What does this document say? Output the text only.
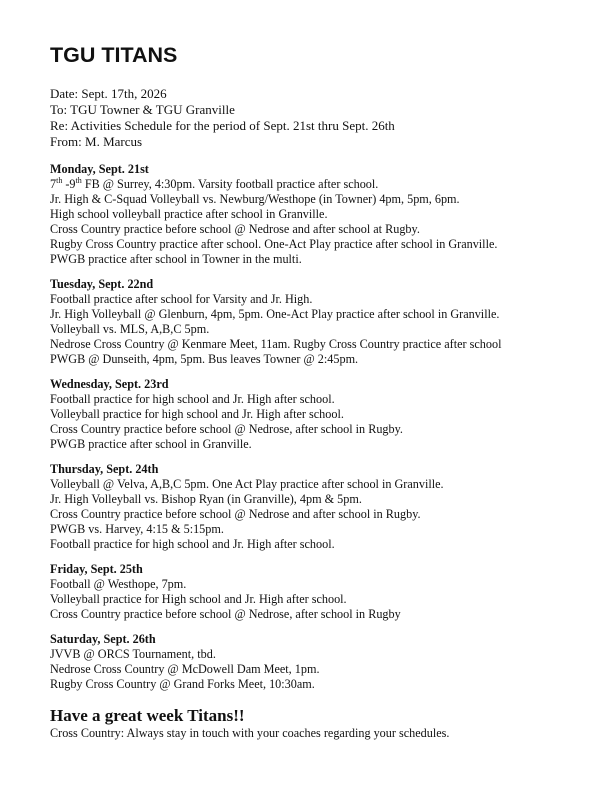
TGU TITANS
Date: Sept. 17th, 2026
To: TGU Towner & TGU Granville
Re: Activities Schedule for the period of Sept. 21st thru Sept. 26th
From: M. Marcus
Monday, Sept. 21st
7th -9th FB @ Surrey, 4:30pm. Varsity football practice after school.
Jr. High & C-Squad Volleyball vs. Newburg/Westhope (in Towner) 4pm, 5pm, 6pm.
High school volleyball practice after school in Granville.
Cross Country practice before school @ Nedrose and after school at Rugby.
Rugby Cross Country practice after school. One-Act Play practice after school in Granville.
PWGB practice after school in Towner in the multi.
Tuesday, Sept. 22nd
Football practice after school for Varsity and Jr. High.
Jr. High Volleyball @ Glenburn, 4pm, 5pm. One-Act Play practice after school in Granville.
Volleyball vs. MLS, A,B,C 5pm.
Nedrose Cross Country @ Kenmare Meet, 11am. Rugby Cross Country practice after school
PWGB @ Dunseith, 4pm, 5pm. Bus leaves Towner @ 2:45pm.
Wednesday, Sept. 23rd
Football practice for high school and Jr. High after school.
Volleyball practice for high school and Jr. High after school.
Cross Country practice before school @ Nedrose, after school in Rugby.
PWGB practice after school in Granville.
Thursday, Sept. 24th
Volleyball @ Velva, A,B,C 5pm. One Act Play practice after school in Granville.
Jr. High Volleyball vs. Bishop Ryan (in Granville), 4pm & 5pm.
Cross Country practice before school @ Nedrose and after school in Rugby.
PWGB vs. Harvey, 4:15 & 5:15pm.
Football practice for high school and Jr. High after school.
Friday, Sept. 25th
Football @ Westhope, 7pm.
Volleyball practice for High school and Jr. High after school.
Cross Country practice before school @ Nedrose, after school in Rugby
Saturday, Sept. 26th
JVVB @ ORCS Tournament, tbd.
Nedrose Cross Country @ McDowell Dam Meet, 1pm.
Rugby Cross Country @ Grand Forks Meet, 10:30am.
Have a great week Titans!!
Cross Country: Always stay in touch with your coaches regarding your schedules.
